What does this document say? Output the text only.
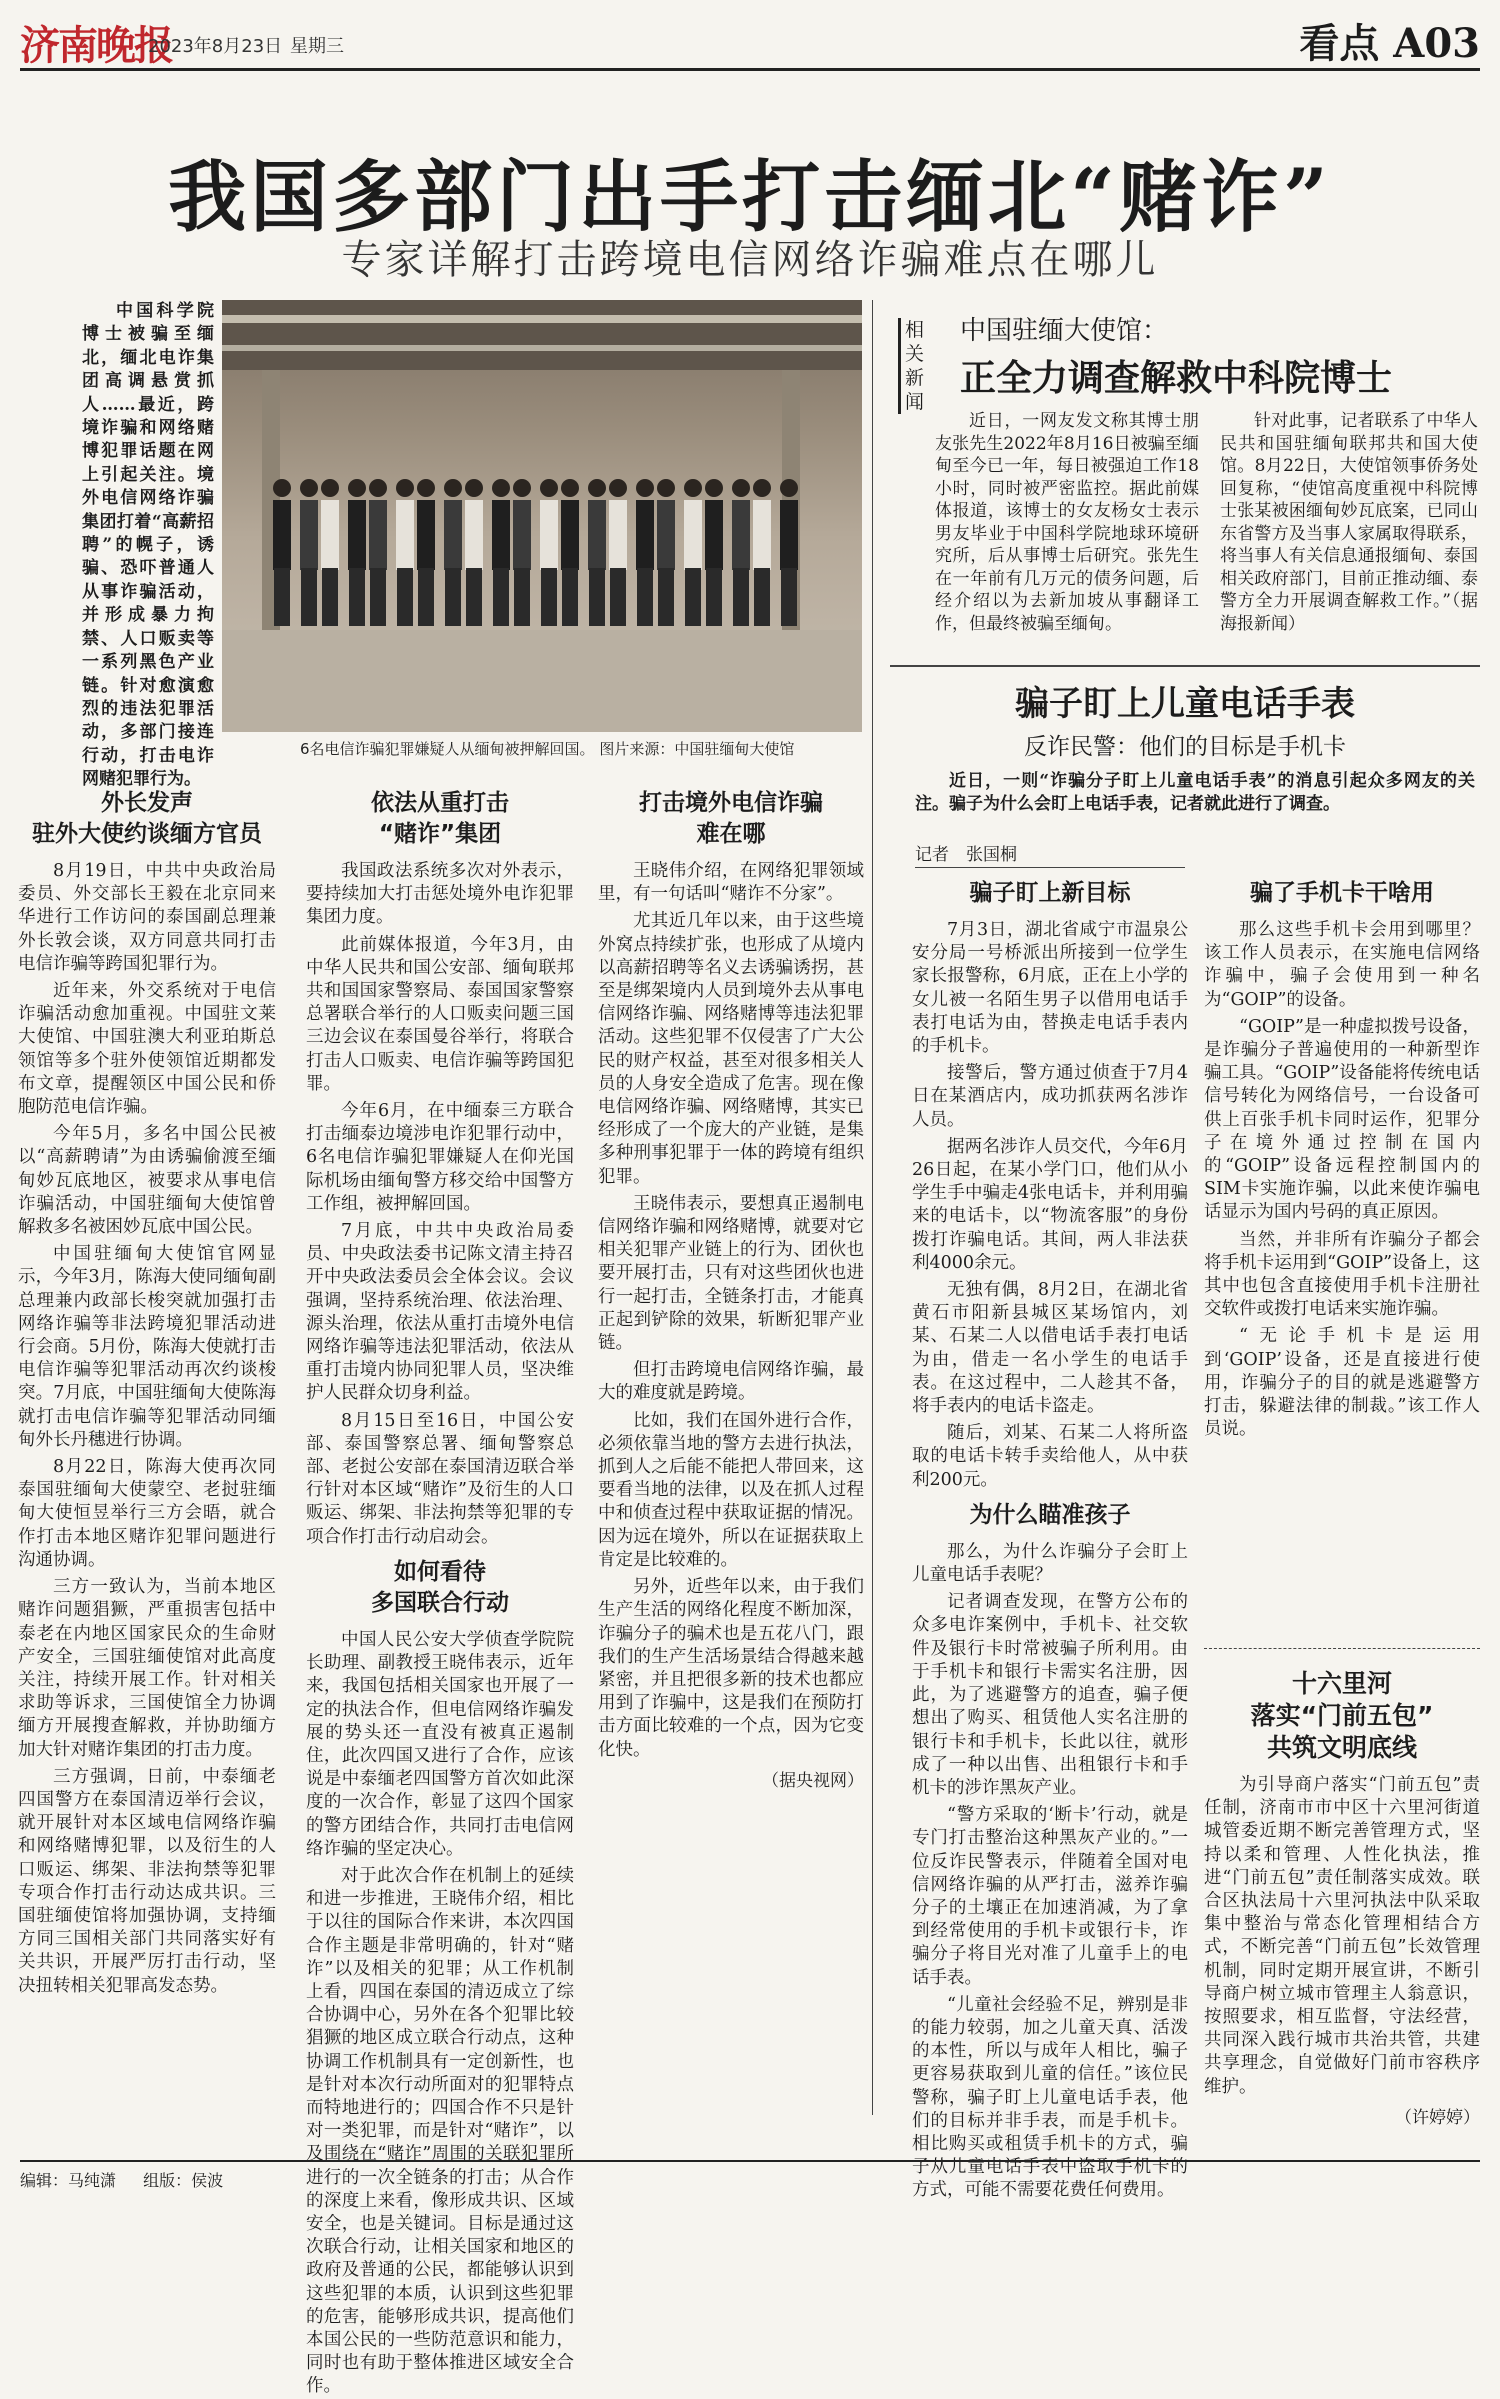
济南晚报
2023年8月23日 星期三	看点 A03
我国多部门出手打击缅北“赌诈”
专家详解打击跨境电信网络诈骗难点在哪儿

中国科学院博士被骗至缅北，缅北电诈集团高调悬赏抓人……最近，跨境诈骗和网络赌博犯罪话题在网上引起关注。境外电信网络诈骗集团打着“高薪招聘”的幌子，诱骗、恐吓普通人从事诈骗活动，并形成暴力拘禁、人口贩卖等一系列黑色产业链。针对愈演愈烈的违法犯罪活动，多部门接连行动，打击电诈网赌犯罪行为。

6名电信诈骗犯罪嫌疑人从缅甸被押解回国。 图片来源：中国驻缅甸大使馆
外长发声
驻外大使约谈缅方官员

8月19日，中共中央政治局委员、外交部长王毅在北京同来华进行工作访问的泰国副总理兼外长敦会谈，双方同意共同打击电信诈骗等跨国犯罪行为。

近年来，外交系统对于电信诈骗活动愈加重视。中国驻文莱大使馆、中国驻澳大利亚珀斯总领馆等多个驻外使领馆近期都发布文章，提醒领区中国公民和侨胞防范电信诈骗。

今年5月，多名中国公民被以“高薪聘请”为由诱骗偷渡至缅甸妙瓦底地区，被要求从事电信诈骗活动，中国驻缅甸大使馆曾解救多名被困妙瓦底中国公民。

中国驻缅甸大使馆官网显示，今年3月，陈海大使同缅甸副总理兼内政部长梭突就加强打击网络诈骗等非法跨境犯罪活动进行会商。5月份，陈海大使就打击电信诈骗等犯罪活动再次约谈梭突。7月底，中国驻缅甸大使陈海就打击电信诈骗等犯罪活动同缅甸外长丹穗进行协调。

8月22日，陈海大使再次同泰国驻缅甸大使蒙空、老挝驻缅甸大使恒昱举行三方会晤，就合作打击本地区赌诈犯罪问题进行沟通协调。

三方一致认为，当前本地区赌诈问题猖獗，严重损害包括中泰老在内地区国家民众的生命财产安全，三国驻缅使馆对此高度关注，持续开展工作。针对相关求助等诉求，三国使馆全力协调缅方开展搜查解救，并协助缅方加大针对赌诈集团的打击力度。

三方强调，日前，中泰缅老四国警方在泰国清迈举行会议，就开展针对本区域电信网络诈骗和网络赌博犯罪，以及衍生的人口贩运、绑架、非法拘禁等犯罪专项合作打击行动达成共识。三国驻缅使馆将加强协调，支持缅方同三国相关部门共同落实好有关共识，开展严厉打击行动，坚决扭转相关犯罪高发态势。

依法从重打击
“赌诈”集团

我国政法系统多次对外表示，要持续加大打击惩处境外电诈犯罪集团力度。

此前媒体报道，今年3月，由中华人民共和国公安部、缅甸联邦共和国国家警察局、泰国国家警察总署联合举行的人口贩卖问题三国三边会议在泰国曼谷举行，将联合打击人口贩卖、电信诈骗等跨国犯罪。

今年6月，在中缅泰三方联合打击缅泰边境涉电诈犯罪行动中，6名电信诈骗犯罪嫌疑人在仰光国际机场由缅甸警方移交给中国警方工作组，被押解回国。

7月底，中共中央政治局委员、中央政法委书记陈文清主持召开中央政法委员会全体会议。会议强调，坚持系统治理、依法治理、源头治理，依法从重打击境外电信网络诈骗等违法犯罪活动，依法从重打击境内协同犯罪人员，坚决维护人民群众切身利益。

8月15日至16日，中国公安部、泰国警察总署、缅甸警察总部、老挝公安部在泰国清迈联合举行针对本区域“赌诈”及衍生的人口贩运、绑架、非法拘禁等犯罪的专项合作打击行动启动会。

如何看待
多国联合行动

中国人民公安大学侦查学院院长助理、副教授王晓伟表示，近年来，我国包括相关国家也开展了一定的执法合作，但电信网络诈骗发展的势头还一直没有被真正遏制住，此次四国又进行了合作，应该说是中泰缅老四国警方首次如此深度的一次合作，彰显了这四个国家的警方团结合作，共同打击电信网络诈骗的坚定决心。

对于此次合作在机制上的延续和进一步推进，王晓伟介绍，相比于以往的国际合作来讲，本次四国合作主题是非常明确的，针对“赌诈”以及相关的犯罪；从工作机制上看，四国在泰国的清迈成立了综合协调中心，另外在各个犯罪比较猖獗的地区成立联合行动点，这种协调工作机制具有一定创新性，也是针对本次行动所面对的犯罪特点而特地进行的；四国合作不只是针对一类犯罪，而是针对“赌诈”，以及围绕在“赌诈”周围的关联犯罪所进行的一次全链条的打击；从合作的深度上来看，像形成共识、区域安全，也是关键词。目标是通过这次联合行动，让相关国家和地区的政府及普通的公民，都能够认识到这些犯罪的本质，认识到这些犯罪的危害，能够形成共识，提高他们本国公民的一些防范意识和能力，同时也有助于整体推进区域安全合作。

打击境外电信诈骗
难在哪

王晓伟介绍，在网络犯罪领域里，有一句话叫“赌诈不分家”。

尤其近几年以来，由于这些境外窝点持续扩张，也形成了从境内以高薪招聘等名义去诱骗诱拐，甚至是绑架境内人员到境外去从事电信网络诈骗、网络赌博等违法犯罪活动。这些犯罪不仅侵害了广大公民的财产权益，甚至对很多相关人员的人身安全造成了危害。现在像电信网络诈骗、网络赌博，其实已经形成了一个庞大的产业链，是集多种刑事犯罪于一体的跨境有组织犯罪。

王晓伟表示，要想真正遏制电信网络诈骗和网络赌博，就要对它相关犯罪产业链上的行为、团伙也要开展打击，只有对这些团伙也进行一起打击，全链条打击，才能真正起到铲除的效果，斩断犯罪产业链。

但打击跨境电信网络诈骗，最大的难度就是跨境。

比如，我们在国外进行合作，必须依靠当地的警方去进行执法，抓到人之后能不能把人带回来，这要看当地的法律，以及在抓人过程中和侦查过程中获取证据的情况。因为远在境外，所以在证据获取上肯定是比较难的。

另外，近些年以来，由于我们生产生活的网络化程度不断加深，诈骗分子的骗术也是五花八门，跟我们的生产生活场景结合得越来越紧密，并且把很多新的技术也都应用到了诈骗中，这是我们在预防打击方面比较难的一个点，因为它变化快。

（据央视网）
相关新闻
中国驻缅大使馆：
正全力调查解救中科院博士

近日，一网友发文称其博士朋友张先生2022年8月16日被骗至缅甸至今已一年，每日被强迫工作18小时，同时被严密监控。据此前媒体报道，该博士的女友杨女士表示男友毕业于中国科学院地球环境研究所，后从事博士后研究。张先生在一年前有几万元的债务问题，后经介绍以为去新加坡从事翻译工作，但最终被骗至缅甸。

针对此事，记者联系了中华人民共和国驻缅甸联邦共和国大使馆。8月22日，大使馆领事侨务处回复称，“使馆高度重视中科院博士张某被困缅甸妙瓦底案，已同山东省警方及当事人家属取得联系，将当事人有关信息通报缅甸、泰国相关政府部门，目前正推动缅、泰警方全力开展调查解救工作。”（据海报新闻）

骗子盯上儿童电话手表
反诈民警：他们的目标是手机卡

近日，一则“诈骗分子盯上儿童电话手表”的消息引起众多网友的关注。骗子为什么会盯上电话手表，记者就此进行了调查。

记者　张国桐
骗子盯上新目标

7月3日，湖北省咸宁市温泉公安分局一号桥派出所接到一位学生家长报警称，6月底，正在上小学的女儿被一名陌生男子以借用电话手表打电话为由，替换走电话手表内的手机卡。

接警后，警方通过侦查于7月4日在某酒店内，成功抓获两名涉诈人员。

据两名涉诈人员交代，今年6月26日起，在某小学门口，他们从小学生手中骗走4张电话卡，并利用骗来的电话卡，以“物流客服”的身份拨打诈骗电话。其间，两人非法获利4000余元。

无独有偶，8月2日，在湖北省黄石市阳新县城区某场馆内，刘某、石某二人以借电话手表打电话为由，借走一名小学生的电话手表。在这过程中，二人趁其不备，将手表内的电话卡盗走。

随后，刘某、石某二人将所盗取的电话卡转手卖给他人，从中获利200元。

为什么瞄准孩子

那么，为什么诈骗分子会盯上儿童电话手表呢？

记者调查发现，在警方公布的众多电诈案例中，手机卡、社交软件及银行卡时常被骗子所利用。由于手机卡和银行卡需实名注册，因此，为了逃避警方的追查，骗子便想出了购买、租赁他人实名注册的银行卡和手机卡，长此以往，就形成了一种以出售、出租银行卡和手机卡的涉诈黑灰产业。

“警方采取的‘断卡’行动，就是专门打击整治这种黑灰产业的。”一位反诈民警表示，伴随着全国对电信网络诈骗的从严打击，滋养诈骗分子的土壤正在加速消减，为了拿到经常使用的手机卡或银行卡，诈骗分子将目光对准了儿童手上的电话手表。

“儿童社会经验不足，辨别是非的能力较弱，加之儿童天真、活泼的本性，所以与成年人相比，骗子更容易获取到儿童的信任。”该位民警称，骗子盯上儿童电话手表，他们的目标并非手表，而是手机卡。相比购买或租赁手机卡的方式，骗子从儿童电话手表中盗取手机卡的方式，可能不需要花费任何费用。

骗了手机卡干啥用

那么这些手机卡会用到哪里？该工作人员表示，在实施电信网络诈骗中，骗子会使用到一种名为“GOIP”的设备。

“GOIP”是一种虚拟拨号设备，是诈骗分子普遍使用的一种新型诈骗工具。“GOIP”设备能将传统电话信号转化为网络信号，一台设备可供上百张手机卡同时运作，犯罪分子在境外通过控制在国内的“GOIP”设备远程控制国内的SIM卡实施诈骗，以此来使诈骗电话显示为国内号码的真正原因。

当然，并非所有诈骗分子都会将手机卡运用到“GOIP”设备上，这其中也包含直接使用手机卡注册社交软件或拨打电话来实施诈骗。

“无论手机卡是运用到‘GOIP’设备，还是直接进行使用，诈骗分子的目的就是逃避警方打击，躲避法律的制裁。”该工作人员说。

十六里河
落实“门前五包”
共筑文明底线

为引导商户落实“门前五包”责任制，济南市市中区十六里河街道城管委近期不断完善管理方式，坚持以柔和管理、人性化执法，推进“门前五包”责任制落实成效。联合区执法局十六里河执法中队采取集中整治与常态化管理相结合方式，不断完善“门前五包”长效管理机制，同时定期开展宣讲，不断引导商户树立城市管理主人翁意识，按照要求，相互监督，守法经营，共同深入践行城市共治共管，共建共享理念，自觉做好门前市容秩序维护。

（许婷婷）
编辑：马纯潇 组版：侯波
